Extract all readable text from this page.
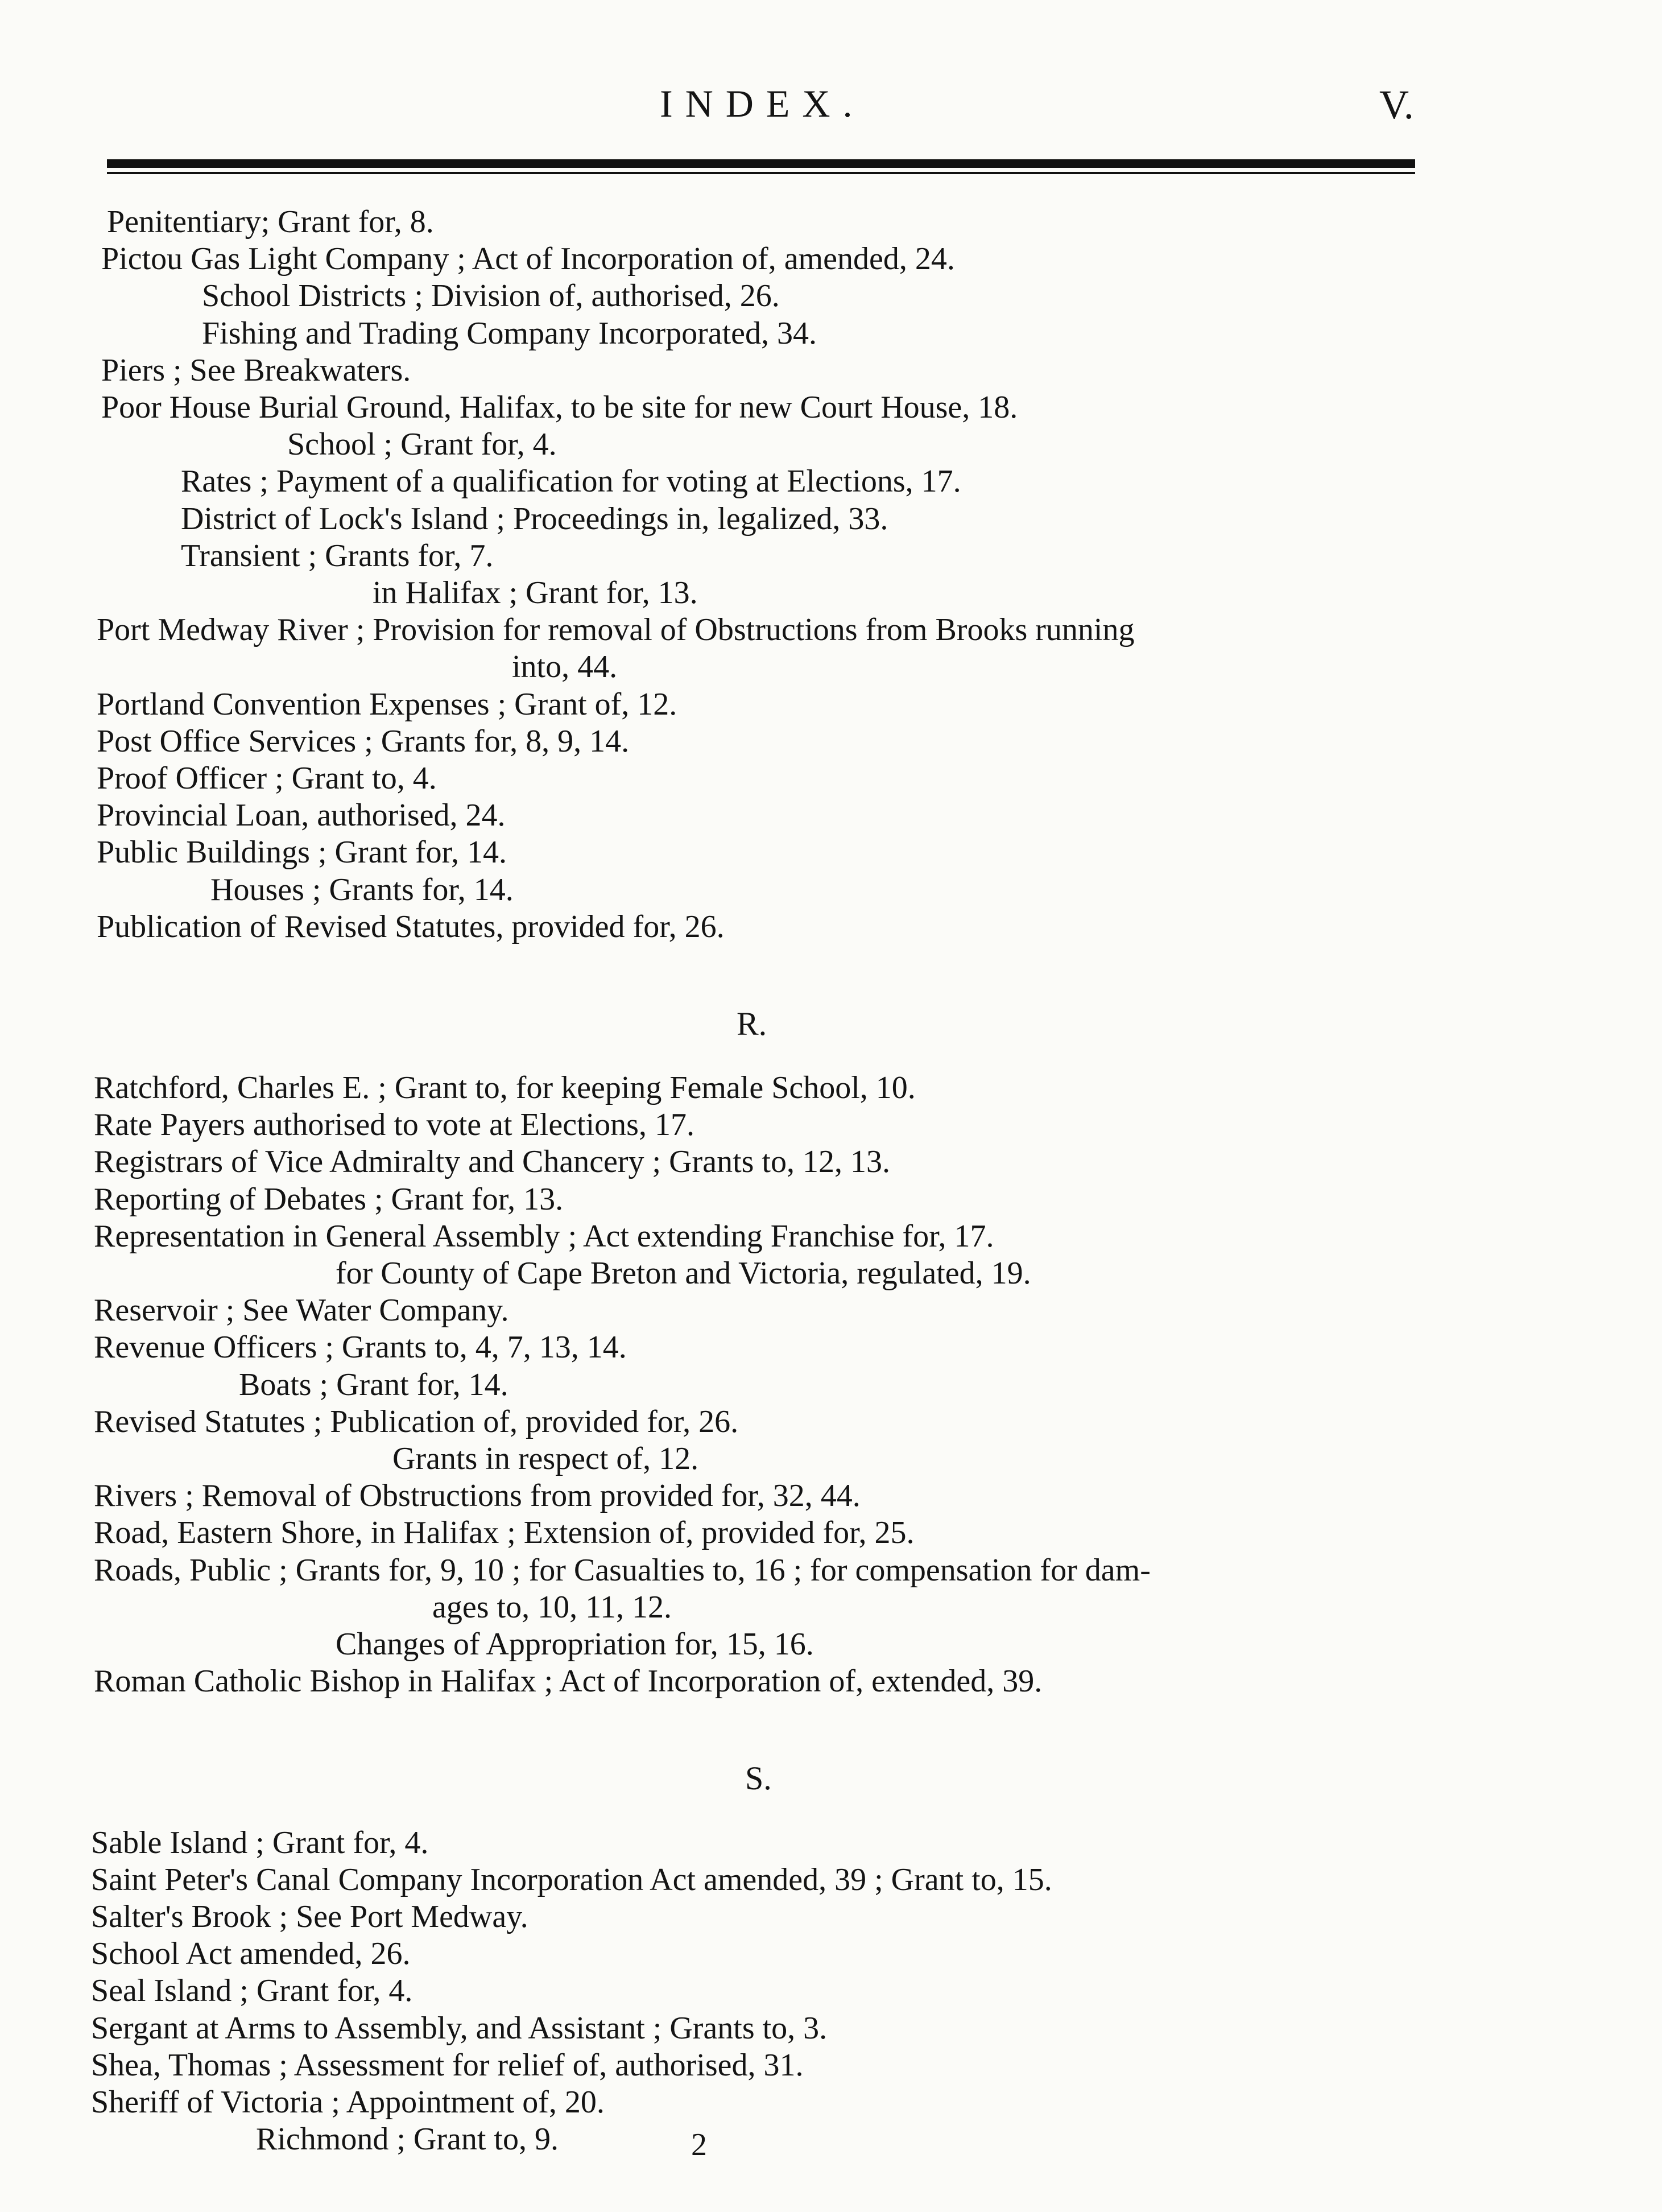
INDEX.	V.
Penitentiary; Grant for, 8.
Pictou Gas Light Company ; Act of Incorporation of, amended, 24.
School Districts ; Division of, authorised, 26.
Fishing and Trading Company Incorporated, 34.
Piers ; See Breakwaters.
Poor House Burial Ground, Halifax, to be site for new Court House, 18.
School ; Grant for, 4.
Rates ; Payment of a qualification for voting at Elections, 17.
District of Lock's Island ; Proceedings in, legalized, 33.
Transient ; Grants for, 7.
in Halifax ; Grant for, 13.
Port Medway River ; Provision for removal of Obstructions from Brooks running
into, 44.
Portland Convention Expenses ; Grant of, 12.
Post Office Services ; Grants for, 8, 9, 14.
Proof Officer ; Grant to, 4.
Provincial Loan, authorised, 24.
Public Buildings ; Grant for, 14.
Houses ; Grants for, 14.
Publication of Revised Statutes, provided for, 26.
R.
Ratchford, Charles E. ; Grant to, for keeping Female School, 10.
Rate Payers authorised to vote at Elections, 17.
Registrars of Vice Admiralty and Chancery ; Grants to, 12, 13.
Reporting of Debates ; Grant for, 13.
Representation in General Assembly ; Act extending Franchise for, 17.
for County of Cape Breton and Victoria, regulated, 19.
Reservoir ; See Water Company.
Revenue Officers ; Grants to, 4, 7, 13, 14.
Boats ; Grant for, 14.
Revised Statutes ; Publication of, provided for, 26.
Grants in respect of, 12.
Rivers ; Removal of Obstructions from provided for, 32, 44.
Road, Eastern Shore, in Halifax ; Extension of, provided for, 25.
Roads, Public ; Grants for, 9, 10 ; for Casualties to, 16 ; for compensation for dam-
ages to, 10, 11, 12.
Changes of Appropriation for, 15, 16.
Roman Catholic Bishop in Halifax ; Act of Incorporation of, extended, 39.
S.
Sable Island ; Grant for, 4.
Saint Peter's Canal Company Incorporation Act amended, 39 ; Grant to, 15.
Salter's Brook ; See Port Medway.
School Act amended, 26.
Seal Island ; Grant for, 4.
Sergant at Arms to Assembly, and Assistant ; Grants to, 3.
Shea, Thomas ; Assessment for relief of, authorised, 31.
Sheriff of Victoria ; Appointment of, 20.
Richmond ; Grant to, 9.	2
